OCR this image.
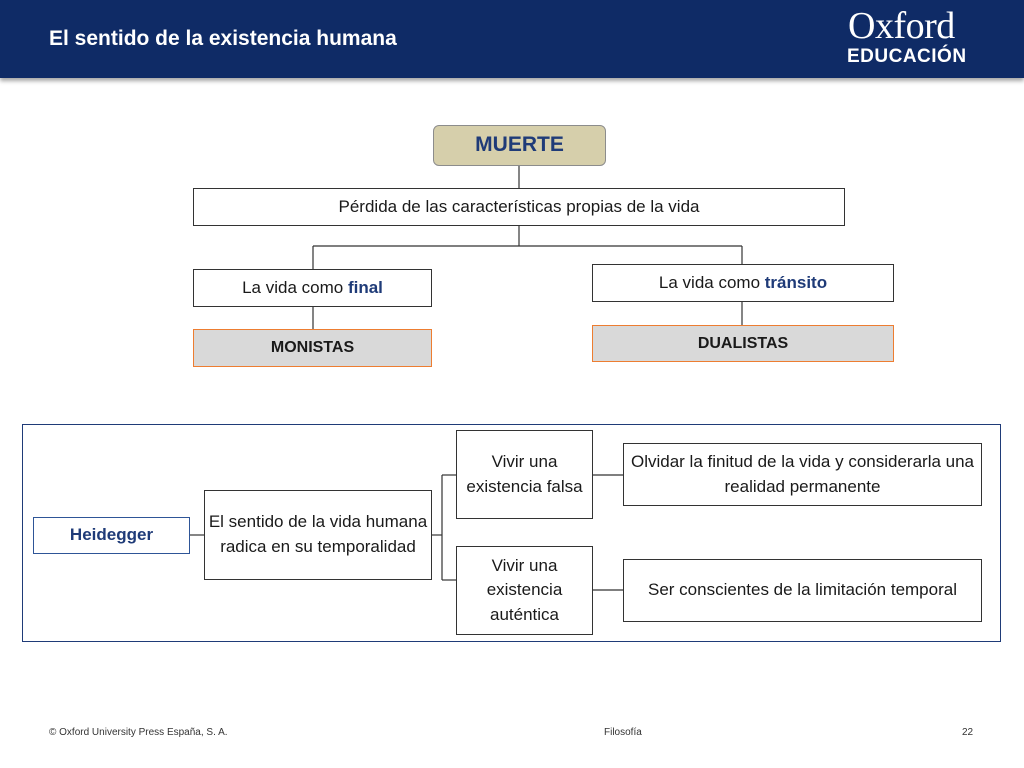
El sentido de la existencia humana	Oxford
EDUCACIÓN
MUERTE
Pérdida de las características propias de la vida
La vida como final	La vida como tránsito
MONISTAS	DUALISTAS
Heidegger
El sentido de la vida humana radica en su temporalidad
Vivir una existencia falsa
Vivir una existencia auténtica
Olvidar la finitud de la vida y considerarla una realidad permanente
Ser conscientes de la limitación temporal
© Oxford University Press España, S. A.	Filosofía	22
